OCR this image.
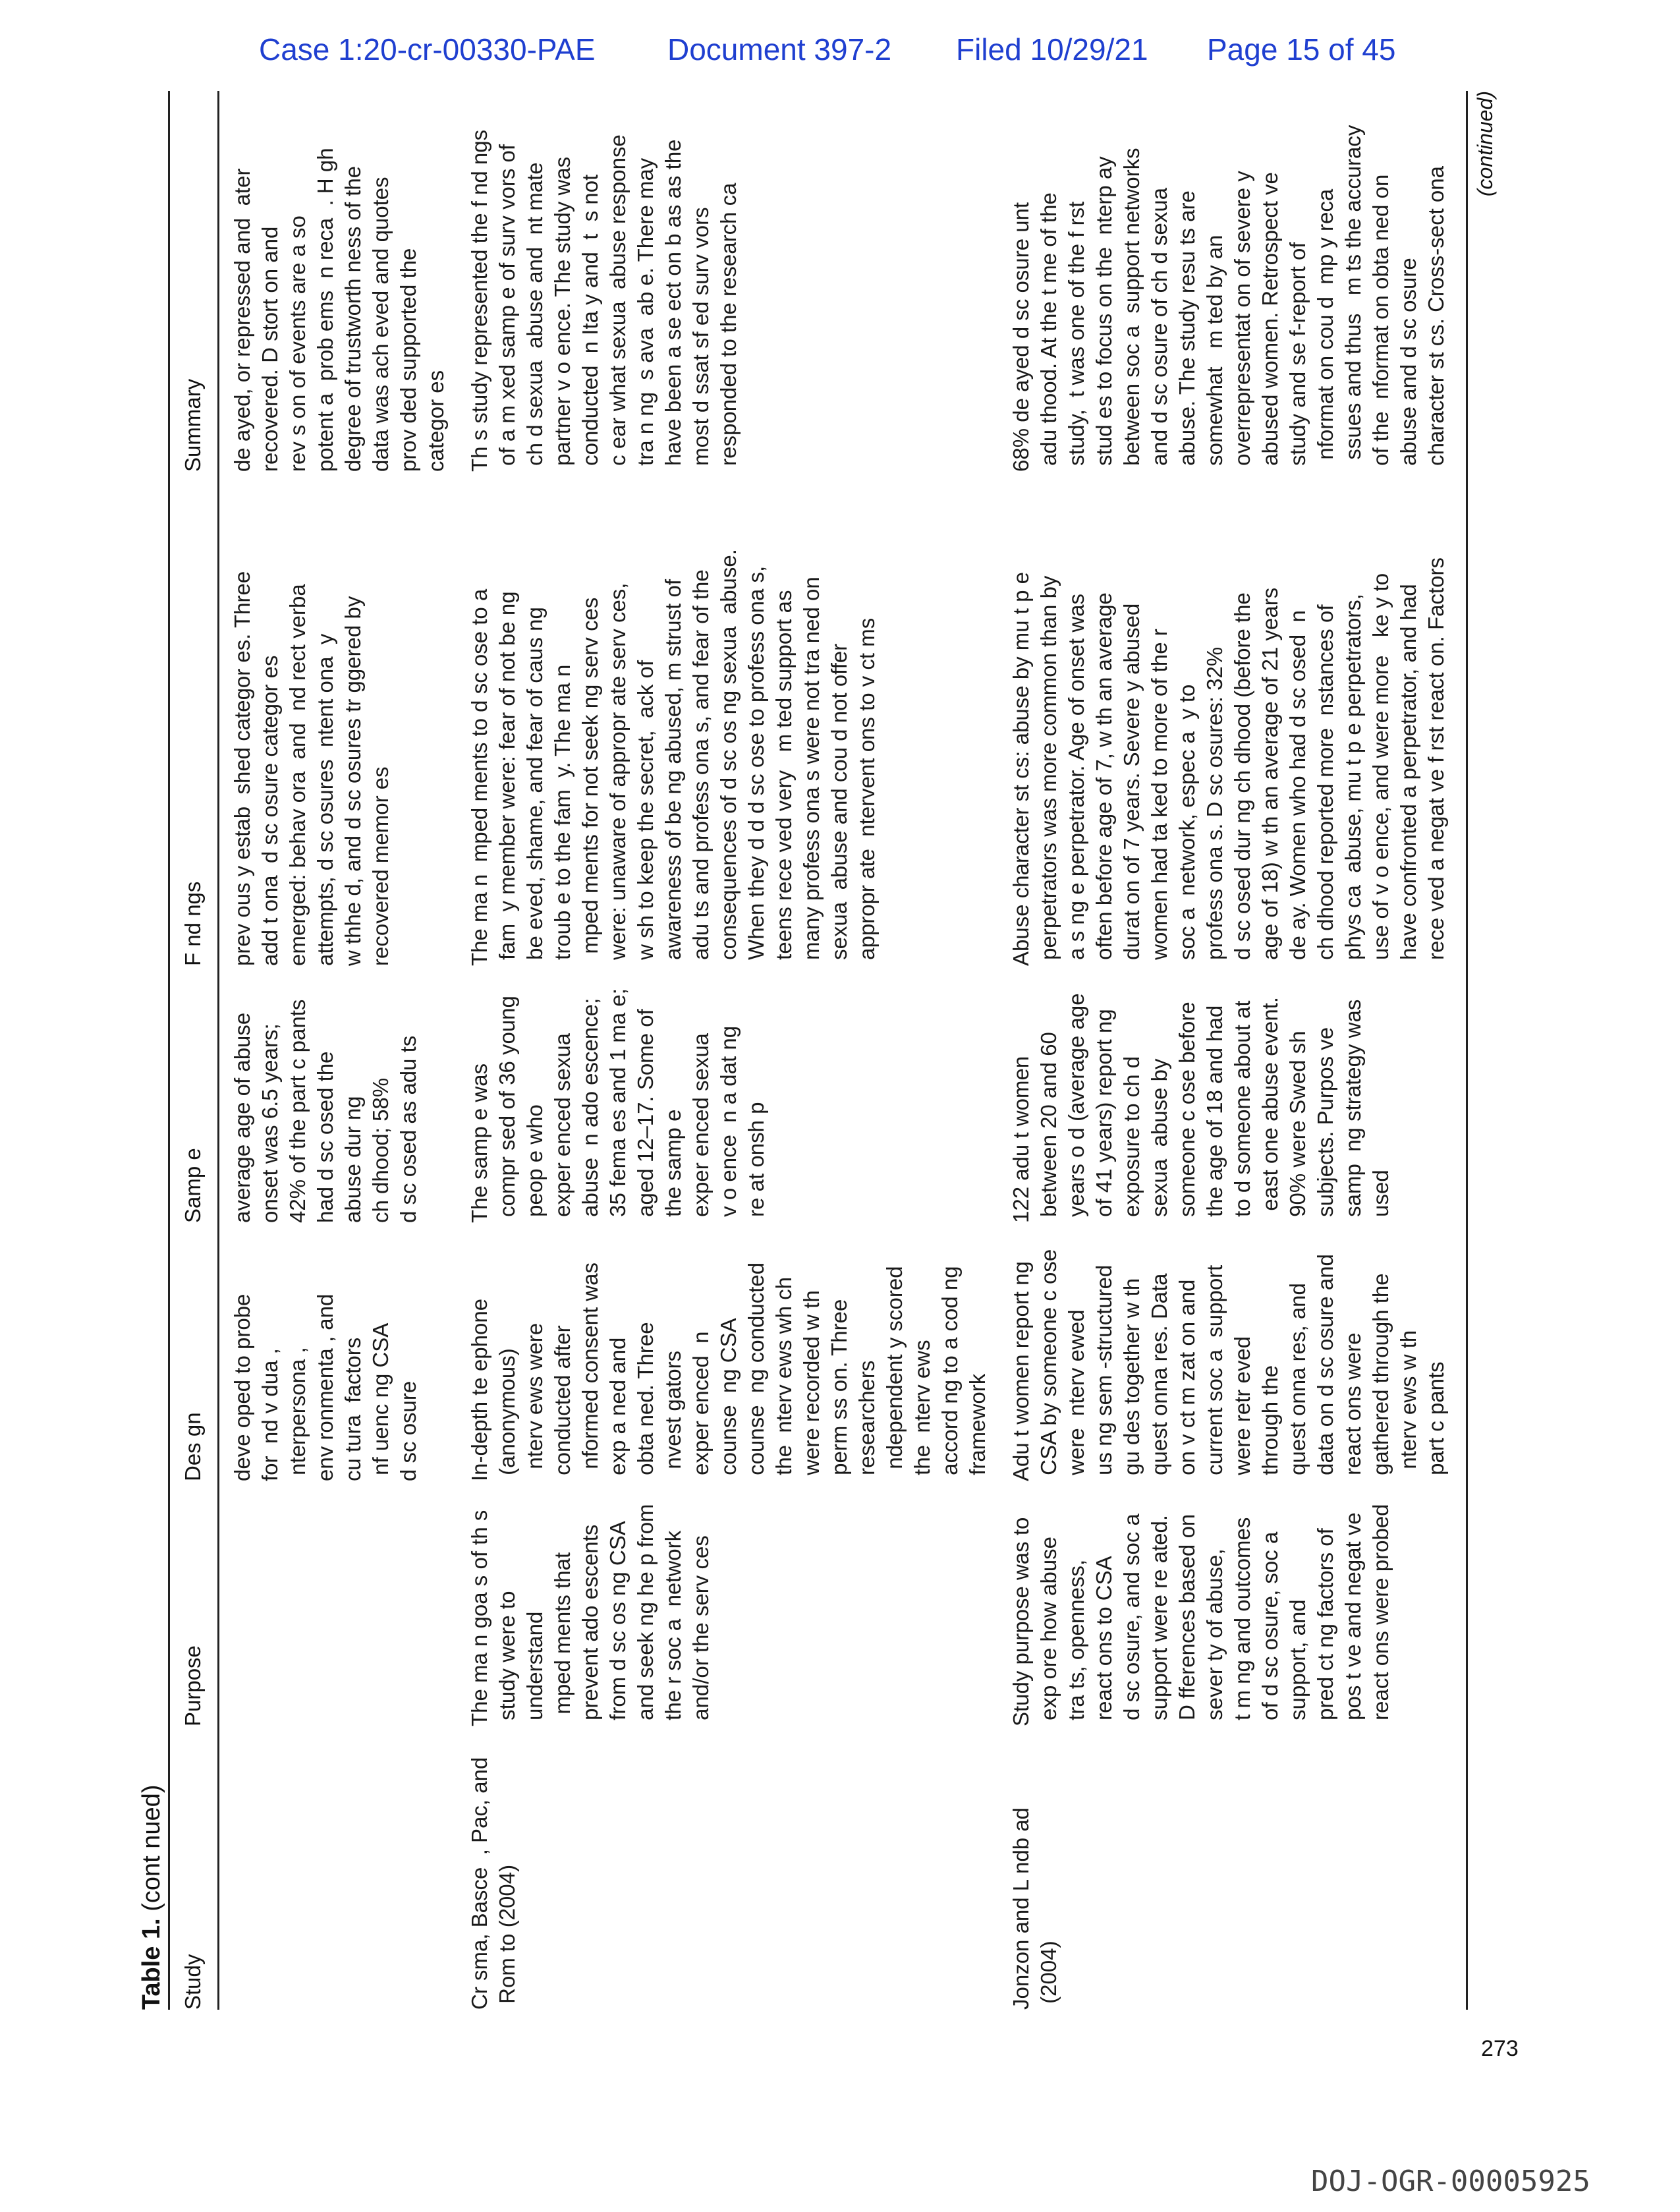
Case 1:20-cr-00330-PAE Document 397-2 Filed 10/29/21 Page 15 of 45
Table 1. (cont nued)
Study
Purpose
Des gn
Samp e
F nd ngs
Summary
deve oped to probe
for  nd v dua ,
nterpersona ,
env ronmenta , and
cu tura  factors
nf uenc ng CSA
d sc osure
average age of abuse
onset was 6.5 years;
42% of the part c pants
had d sc osed the
abuse dur ng
ch dhood; 58%
d sc osed as adu ts
prev ous y estab  shed categor es. Three
add t ona  d sc osure categor es
emerged: behav ora  and  nd rect verba
attempts, d sc osures  ntent ona  y
w thhe d, and d sc osures tr ggered by
recovered memor es
de ayed, or repressed and  ater
recovered. D stort on and
rev s on of events are a so
potent a  prob ems  n reca  . H gh
degree of trustworth ness of the
data was ach eved and quotes
prov ded supported the
categor es
Cr sma, Basce  , Pac, and
Rom to (2004)
The ma n goa s of th s
study were to
understand
mped ments that
prevent ado escents
from d sc os ng CSA
and seek ng he p from
the r soc a  network
and/or the serv ces
In-depth te ephone
(anonymous)
nterv ews were
conducted after
nformed consent was
exp a ned and
obta ned. Three
nvest gators
exper enced  n
counse  ng CSA
counse  ng conducted
the  nterv ews wh ch
were recorded w th
perm ss on. Three
researchers
ndependent y scored
the  nterv ews
accord ng to a cod ng
framework
The samp e was
compr sed of 36 young
peop e who
exper enced sexua
abuse  n ado escence;
35 fema es and 1 ma e;
aged 12–17. Some of
the samp e
exper enced sexua
v o ence  n a dat ng
re at onsh p
The ma n  mped ments to d sc ose to a
fam  y member were: fear of not be ng
be eved, shame, and fear of caus ng
troub e to the fam  y. The ma n
mped ments for not seek ng serv ces
were: unaware of appropr ate serv ces,
w sh to keep the secret,  ack of
awareness of be ng abused, m strust of
adu ts and profess ona s, and fear of the
consequences of d sc os ng sexua  abuse.
When they d d d sc ose to profess ona s,
teens rece ved very   m ted support as
many profess ona s were not tra ned on
sexua  abuse and cou d not offer
appropr ate  ntervent ons to v ct ms
Th s study represented the f nd ngs
of a m xed samp e of surv vors of
ch d sexua  abuse and  nt mate
partner v o ence. The study was
conducted  n Ita y and  t  s not
c ear what sexua  abuse response
tra n ng  s ava  ab e. There may
have been a se ect on b as as the
most d ssat sf ed surv vors
responded to the research ca
Jonzon and L ndb ad
(2004)
Study purpose was to
exp ore how abuse
tra ts, openness,
react ons to CSA
d sc osure, and soc a
support were re ated.
D fferences based on
sever ty of abuse,
t m ng and outcomes
of d sc osure, soc a
support, and
pred ct ng factors of
pos t ve and negat ve
react ons were probed
Adu t women report ng
CSA by someone c ose
were  nterv ewed
us ng sem -structured
gu des together w th
quest onna res. Data
on v ct m zat on and
current soc a  support
were retr eved
through the
quest onna res, and
data on d sc osure and
react ons were
gathered through the
nterv ews w th
part c pants
122 adu t women
between 20 and 60
years o d (average age
of 41 years) report ng
exposure to ch d
sexua  abuse by
someone c ose before
the age of 18 and had
to d someone about at
east one abuse event.
90% were Swed sh
subjects. Purpos ve
samp  ng strategy was
used
Abuse character st cs: abuse by mu t p e
perpetrators was more common than by
a s ng e perpetrator. Age of onset was
often before age of 7, w th an average
durat on of 7 years. Severe y abused
women had ta ked to more of the r
soc a  network, espec a  y to
profess ona s. D sc osures: 32%
d sc osed dur ng ch dhood (before the
age of 18) w th an average of 21 years
de ay. Women who had d sc osed  n
ch dhood reported more  nstances of
phys ca  abuse, mu t p e perpetrators,
use of v o ence, and were more   ke y to
have confronted a perpetrator, and had
rece ved a negat ve f rst react on. Factors
68% de ayed d sc osure unt
adu thood. At the t me of the
study,  t was one of the f rst
stud es to focus on the  nterp ay
between soc a  support networks
and d sc osure of ch d sexua
abuse. The study resu ts are
somewhat   m ted by an
overrepresentat on of severe y
abused women. Retrospect ve
study and se f-report of
nformat on cou d  mp y reca
ssues and thus   m ts the accuracy
of the  nformat on obta ned on
abuse and d sc osure
character st cs. Cross-sect ona (continued)
273
DOJ-OGR-00005925
